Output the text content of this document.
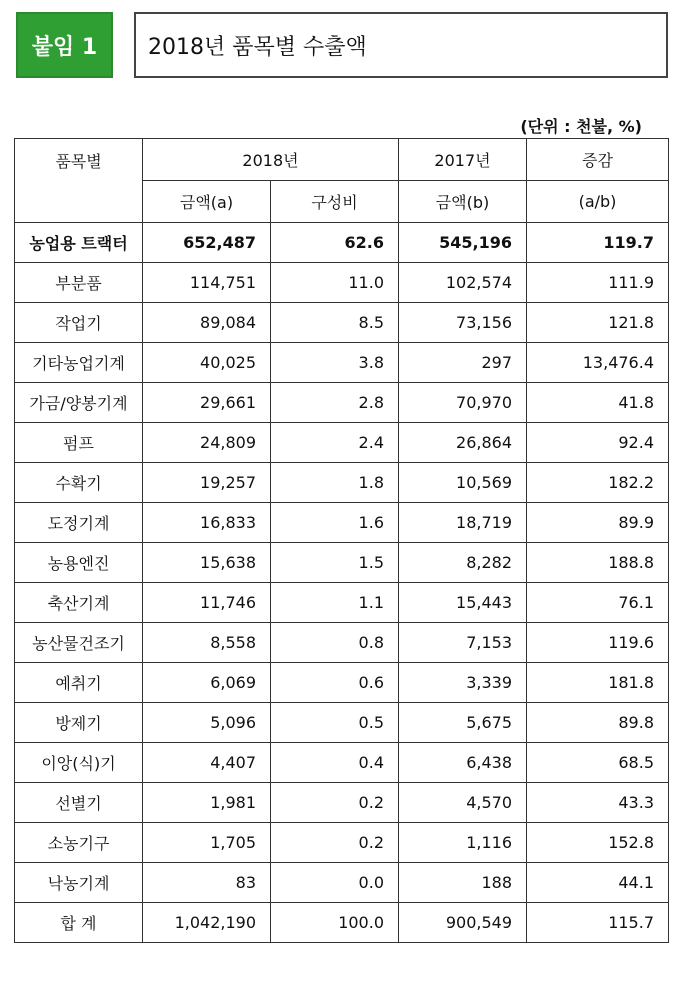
붙임 1	2018년 품목별 수출액
(단위 : 천불, %)
품목별	2018년		2017년	증감
	금액(a)	구성비	금액(b)	(a/b)
농업용 트랙터	652,487	62.6	545,196	119.7
부분품	114,751	11.0	102,574	111.9
작업기	89,084	8.5	73,156	121.8
기타농업기계	40,025	3.8	297	13,476.4
가금/양봉기계	29,661	2.8	70,970	41.8
펌프	24,809	2.4	26,864	92.4
수확기	19,257	1.8	10,569	182.2
도정기계	16,833	1.6	18,719	89.9
농용엔진	15,638	1.5	8,282	188.8
축산기계	11,746	1.1	15,443	76.1
농산물건조기	8,558	0.8	7,153	119.6
예취기	6,069	0.6	3,339	181.8
방제기	5,096	0.5	5,675	89.8
이앙(식)기	4,407	0.4	6,438	68.5
선별기	1,981	0.2	4,570	43.3
소농기구	1,705	0.2	1,116	152.8
낙농기계	83	0.0	188	44.1
합 계	1,042,190	100.0	900,549	115.7
